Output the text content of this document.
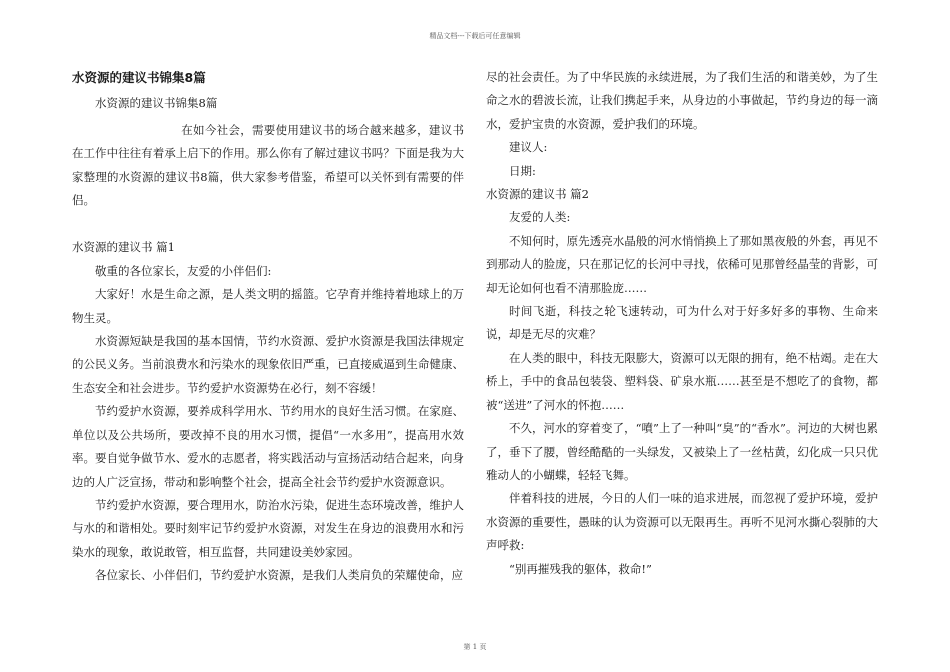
精品文档---下载后可任意编辑
水资源的建议书锦集8篇

水资源的建议书锦集8篇

在如今社会，需要使用建议书的场合越来越多，建议书在工作中往往有着承上启下的作用。那么你有了解过建议书吗？下面是我为大家整理的水资源的建议书8篇，供大家参考借鉴，希望可以关怀到有需要的伴侣。

水资源的建议书 篇1

敬重的各位家长，友爱的小伴侣们:

大家好！水是生命之源，是人类文明的摇篮。它孕育并维持着地球上的万物生灵。

水资源短缺是我国的基本国情，节约水资源、爱护水资源是我国法律规定的公民义务。当前浪费水和污染水的现象依旧严重，已直接威逼到生命健康、生态安全和社会进步。节约爱护水资源势在必行，刻不容缓！

节约爱护水资源，要养成科学用水、节约用水的良好生活习惯。在家庭、单位以及公共场所，要改掉不良的用水习惯，提倡“一水多用”，提高用水效率。要自觉争做节水、爱水的志愿者，将实践活动与宣扬活动结合起来，向身边的人广泛宣扬，带动和影响整个社会，提高全社会节约爱护水资源意识。

节约爱护水资源，要合理用水，防治水污染，促进生态环境改善，维护人与水的和谐相处。要时刻牢记节约爱护水资源，对发生在身边的浪费用水和污染水的现象，敢说敢管，相互监督，共同建设美妙家园。

各位家长、小伴侣们，节约爱护水资源，是我们人类肩负的荣耀使命，应

尽的社会责任。为了中华民族的永续进展，为了我们生活的和谐美妙，为了生命之水的碧波长流，让我们携起手来，从身边的小事做起，节约身边的每一滴水，爱护宝贵的水资源，爱护我们的环境。

建议人:

日期:

水资源的建议书 篇2

友爱的人类:

不知何时，原先透亮水晶般的河水悄悄换上了那如黑夜般的外套，再见不到那动人的脸庞，只在那记忆的长河中寻找，依稀可见那曾经晶莹的背影，可却无论如何也看不清那脸庞……

时间飞逝，科技之轮飞速转动，可为什么对于好多好多的事物、生命来说，却是无尽的灾难？

在人类的眼中，科技无限膨大，资源可以无限的拥有，绝不枯竭。走在大桥上，手中的食品包装袋、塑料袋、矿泉水瓶……甚至是不想吃了的食物，都被“送进”了河水的怀抱……

不久，河水的穿着变了，“噴”上了一种叫“臭”的“香水”。河边的大树也累了，垂下了腰，曾经酷酷的一头绿发，又被染上了一丝枯黄，幻化成一只只优雅动人的小蝴蝶，轻轻飞舞。

伴着科技的进展，今日的人们一味的追求进展，而忽视了爱护环境，爱护水资源的重要性，愚昧的认为资源可以无限再生。再听不见河水撕心裂肺的大声呼救:

“别再摧残我的躯体，救命!”

第 1 页
